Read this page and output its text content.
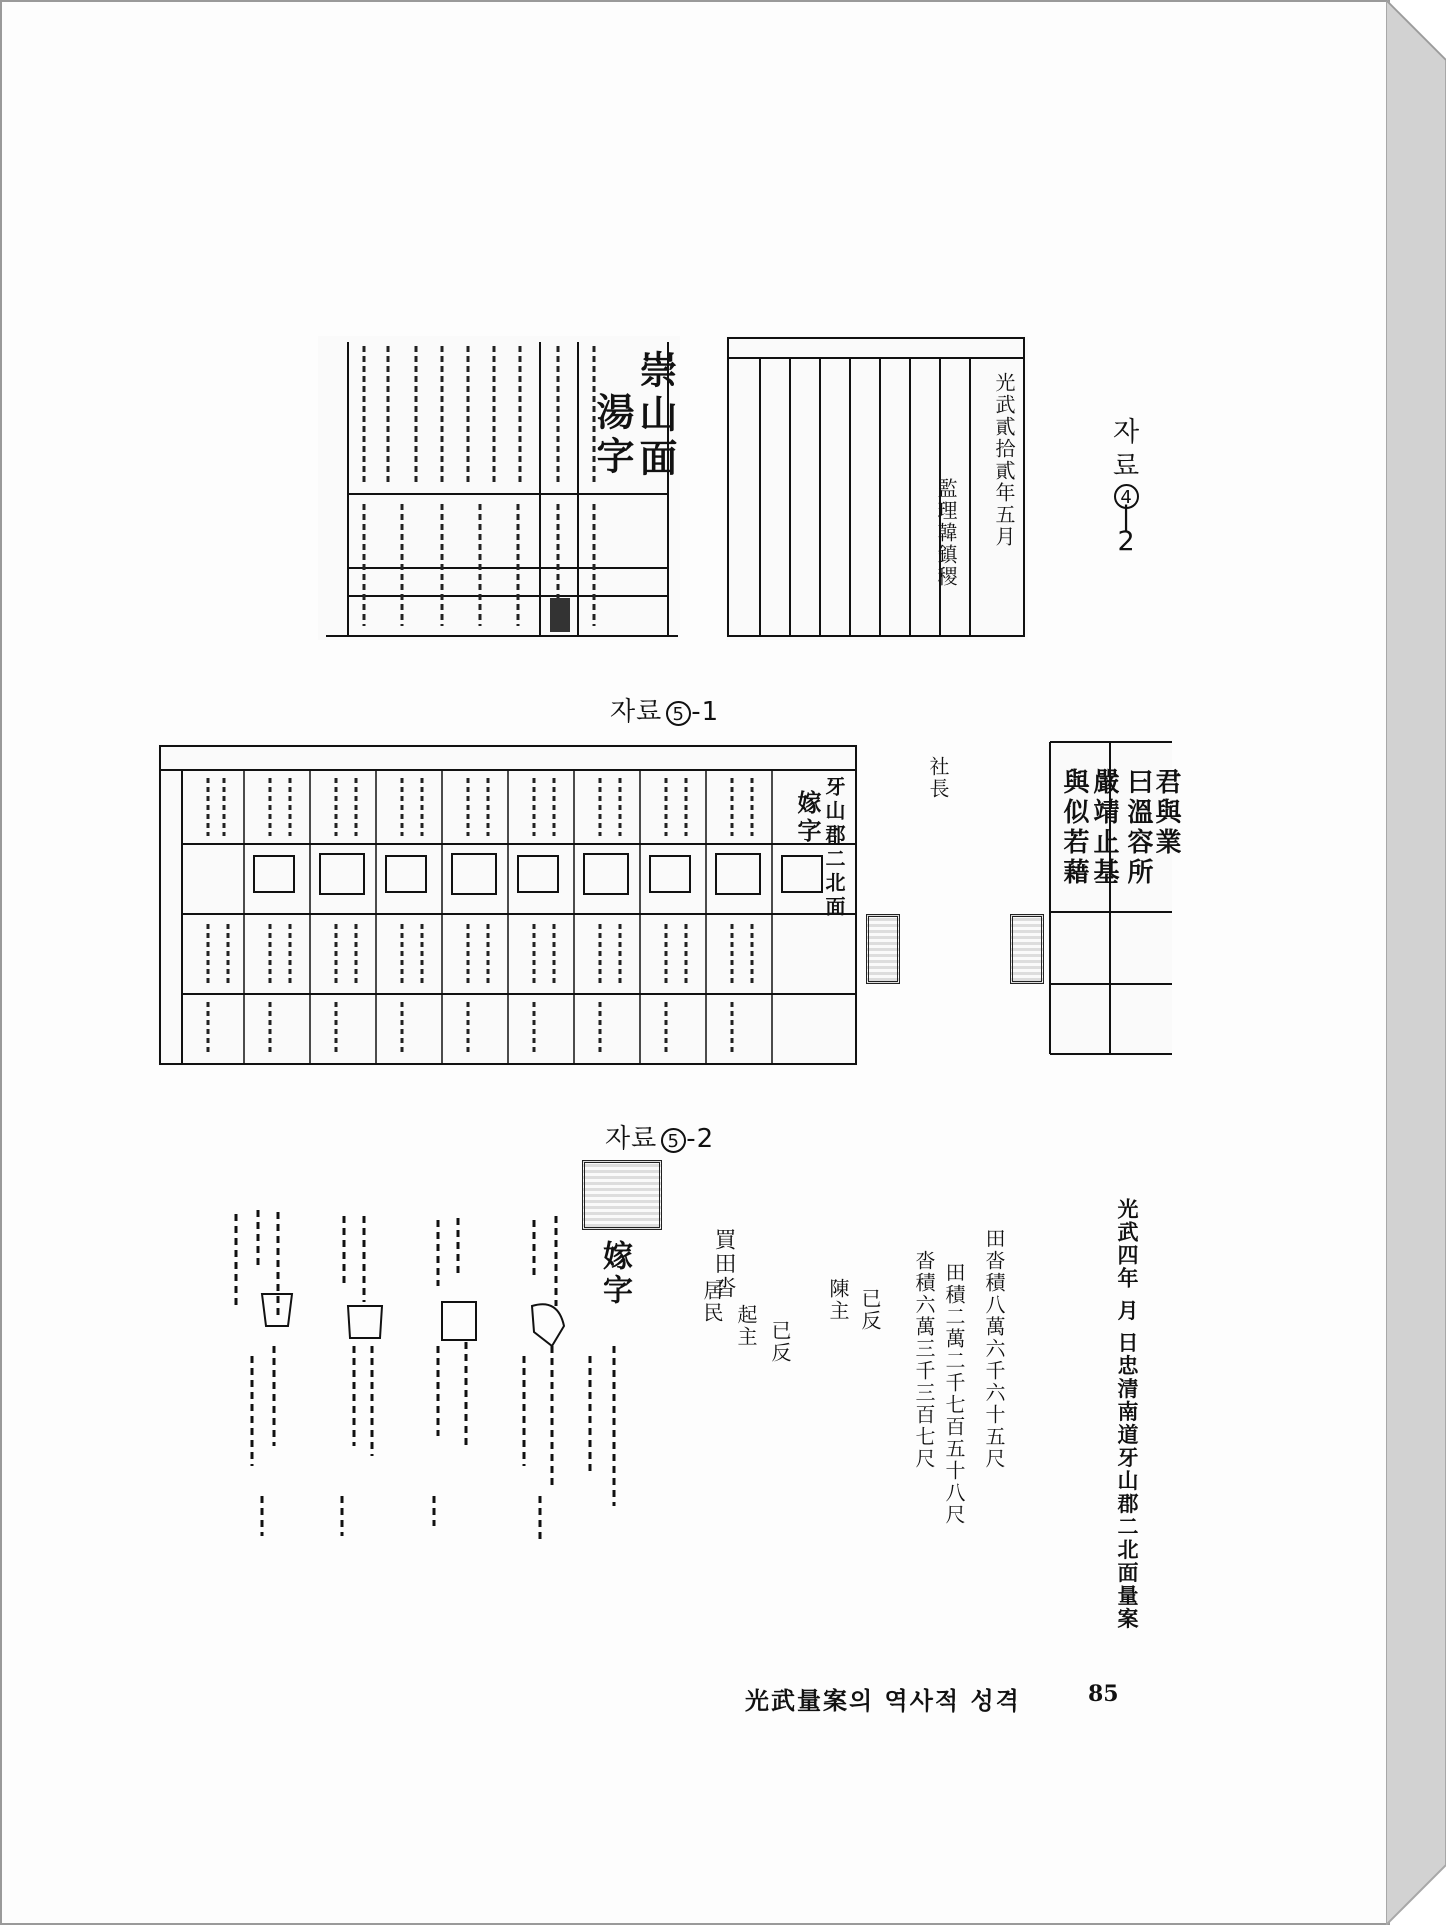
崇山面
湯字	光武貳拾貳年五月
監理韓鎮稷
자
료
4
|
2
자료 5 -1
牙山郡二北面
嫁字
社長	君與業
曰溫容所
嚴靖止基
與似若藉
자료 5 -2
光武四年 月 日忠清南道牙山郡二北面量案
田沓積八萬六千六十五尺
田積二萬二千七百五十八尺
沓積六萬三千三百七尺
已反
陳主
已反
起主
買田沓
居民
嫁字
光武量案의 역사적 성격	85
